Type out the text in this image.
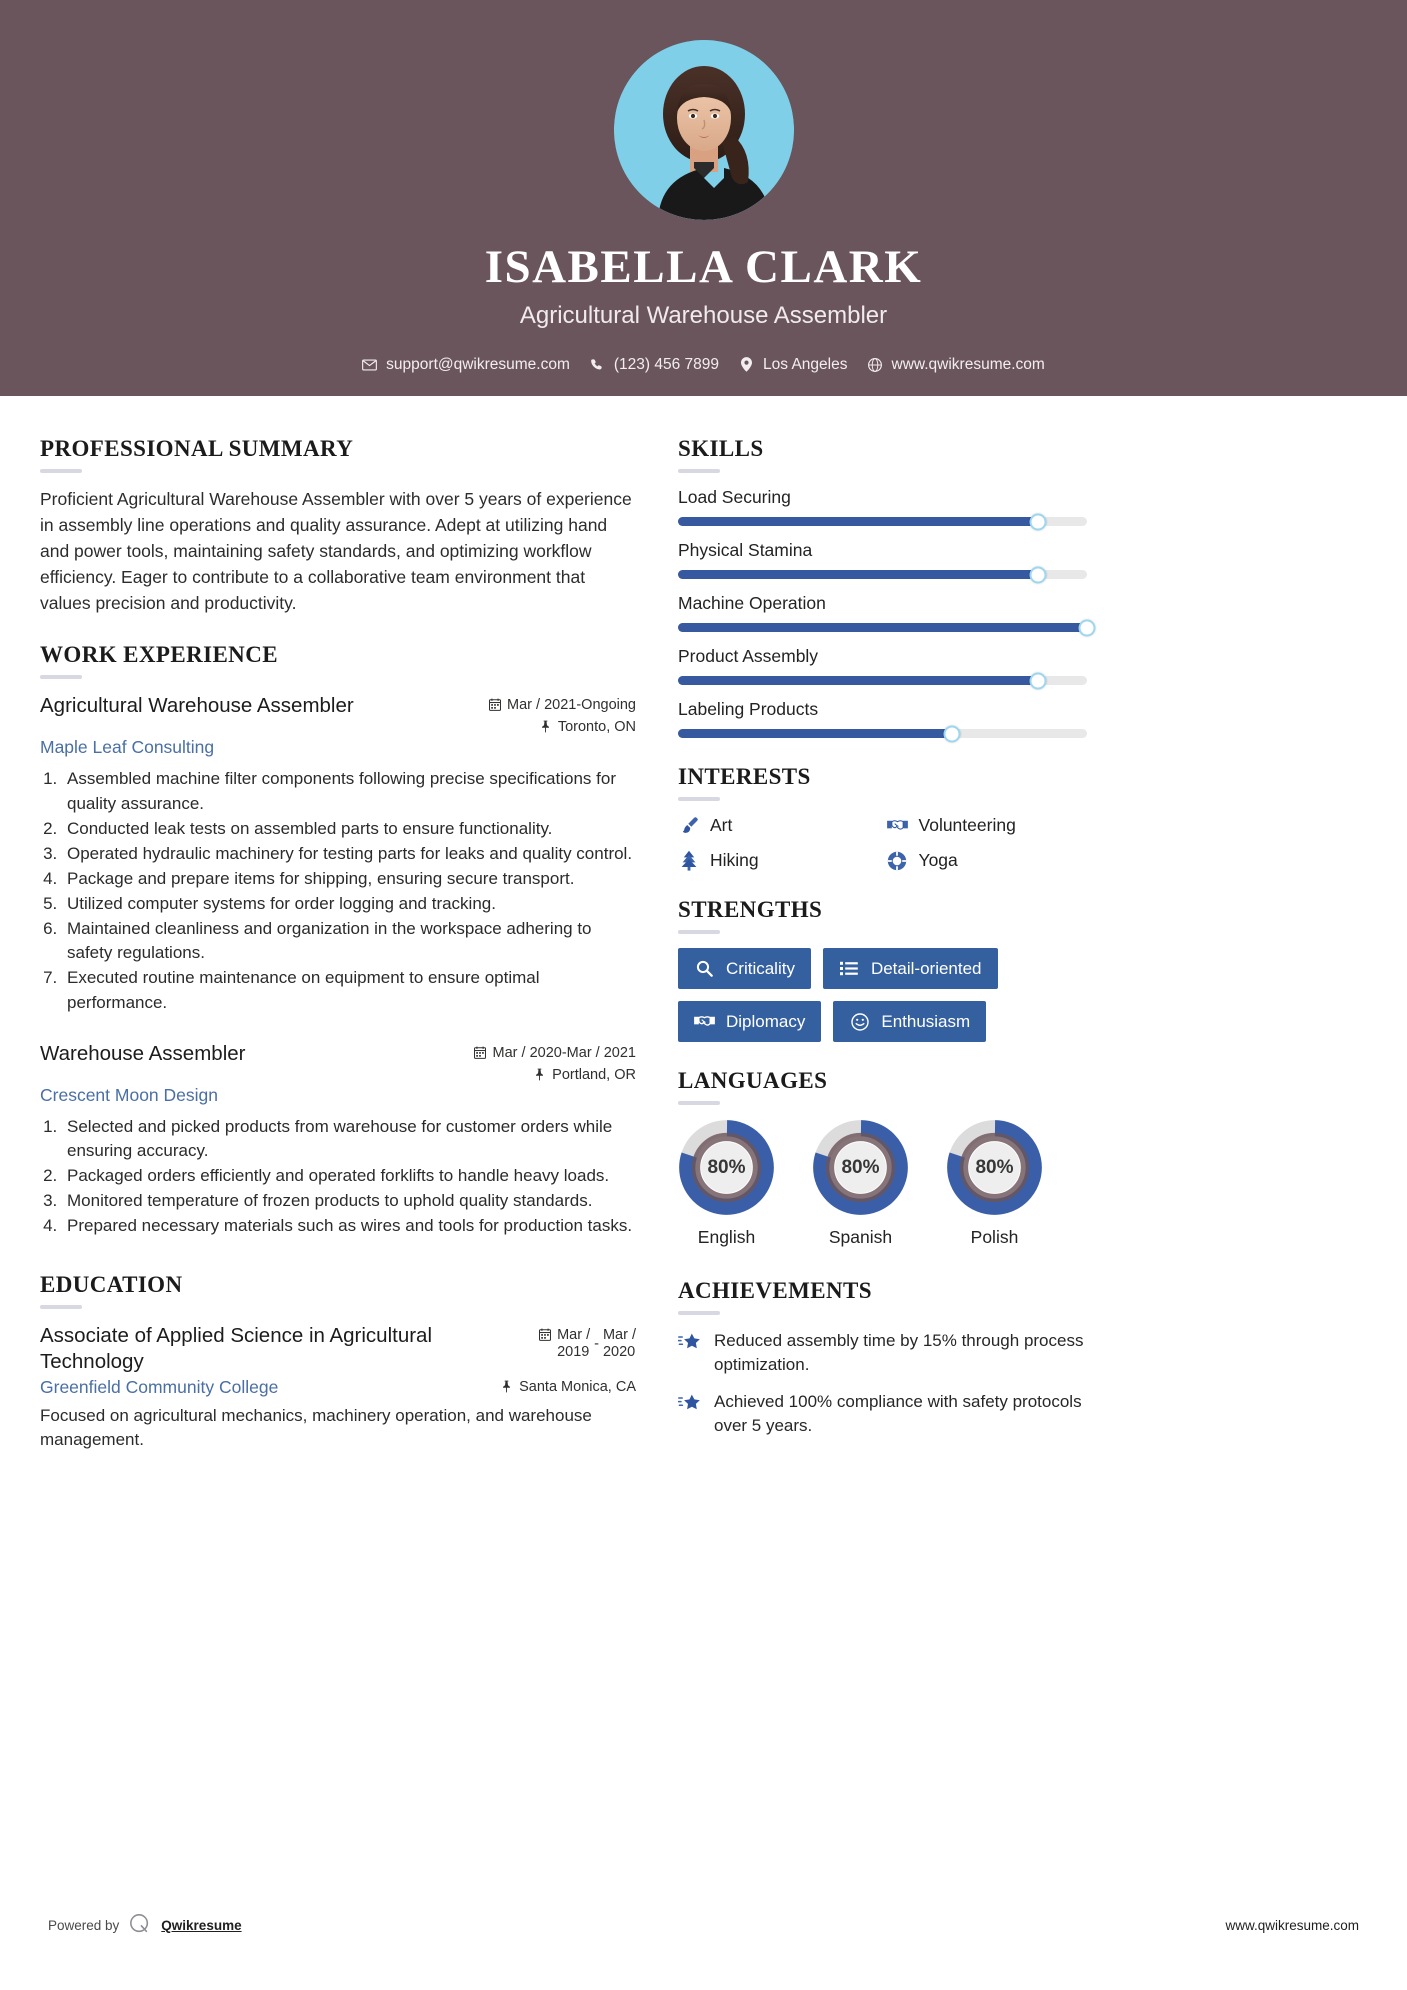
ISABELLA CLARK
Agricultural Warehouse Assembler
support@qwikresume.com	(123) 456 7899	Los Angeles	www.qwikresume.com
PROFESSIONAL SUMMARY
Proficient Agricultural Warehouse Assembler with over 5 years of experience in assembly line operations and quality assurance. Adept at utilizing hand and power tools, maintaining safety standards, and optimizing workflow efficiency. Eager to contribute to a collaborative team environment that values precision and productivity.
WORK EXPERIENCE
Agricultural Warehouse Assembler	Mar / 2021-Ongoing
Toronto, ON
Maple Leaf Consulting
1. Assembled machine filter components following precise specifications for quality assurance.
2. Conducted leak tests on assembled parts to ensure functionality.
3. Operated hydraulic machinery for testing parts for leaks and quality control.
4. Package and prepare items for shipping, ensuring secure transport.
5. Utilized computer systems for order logging and tracking.
6. Maintained cleanliness and organization in the workspace adhering to safety regulations.
7. Executed routine maintenance on equipment to ensure optimal performance.
Warehouse Assembler	Mar / 2020-Mar / 2021
Portland, OR
Crescent Moon Design
1. Selected and picked products from warehouse for customer orders while ensuring accuracy.
2. Packaged orders efficiently and operated forklifts to handle heavy loads.
3. Monitored temperature of frozen products to uphold quality standards.
4. Prepared necessary materials such as wires and tools for production tasks.
EDUCATION
Associate of Applied Science in Agricultural Technology
Mar /
2019
-
Mar /
2020
Greenfield Community College	Santa Monica, CA
Focused on agricultural mechanics, machinery operation, and warehouse management.
SKILLS
Load Securing
Physical Stamina
Machine Operation
Product Assembly
Labeling Products
INTERESTS
Art	Volunteering
Hiking	Yoga
STRENGTHS
Criticality	Detail-oriented
Diplomacy	Enthusiasm
LANGUAGES
80%
English
80%
Spanish
80%
Polish
ACHIEVEMENTS
Reduced assembly time by 15% through process optimization.
Achieved 100% compliance with safety protocols over 5 years.
Powered by	Qwikresume	www.qwikresume.com
